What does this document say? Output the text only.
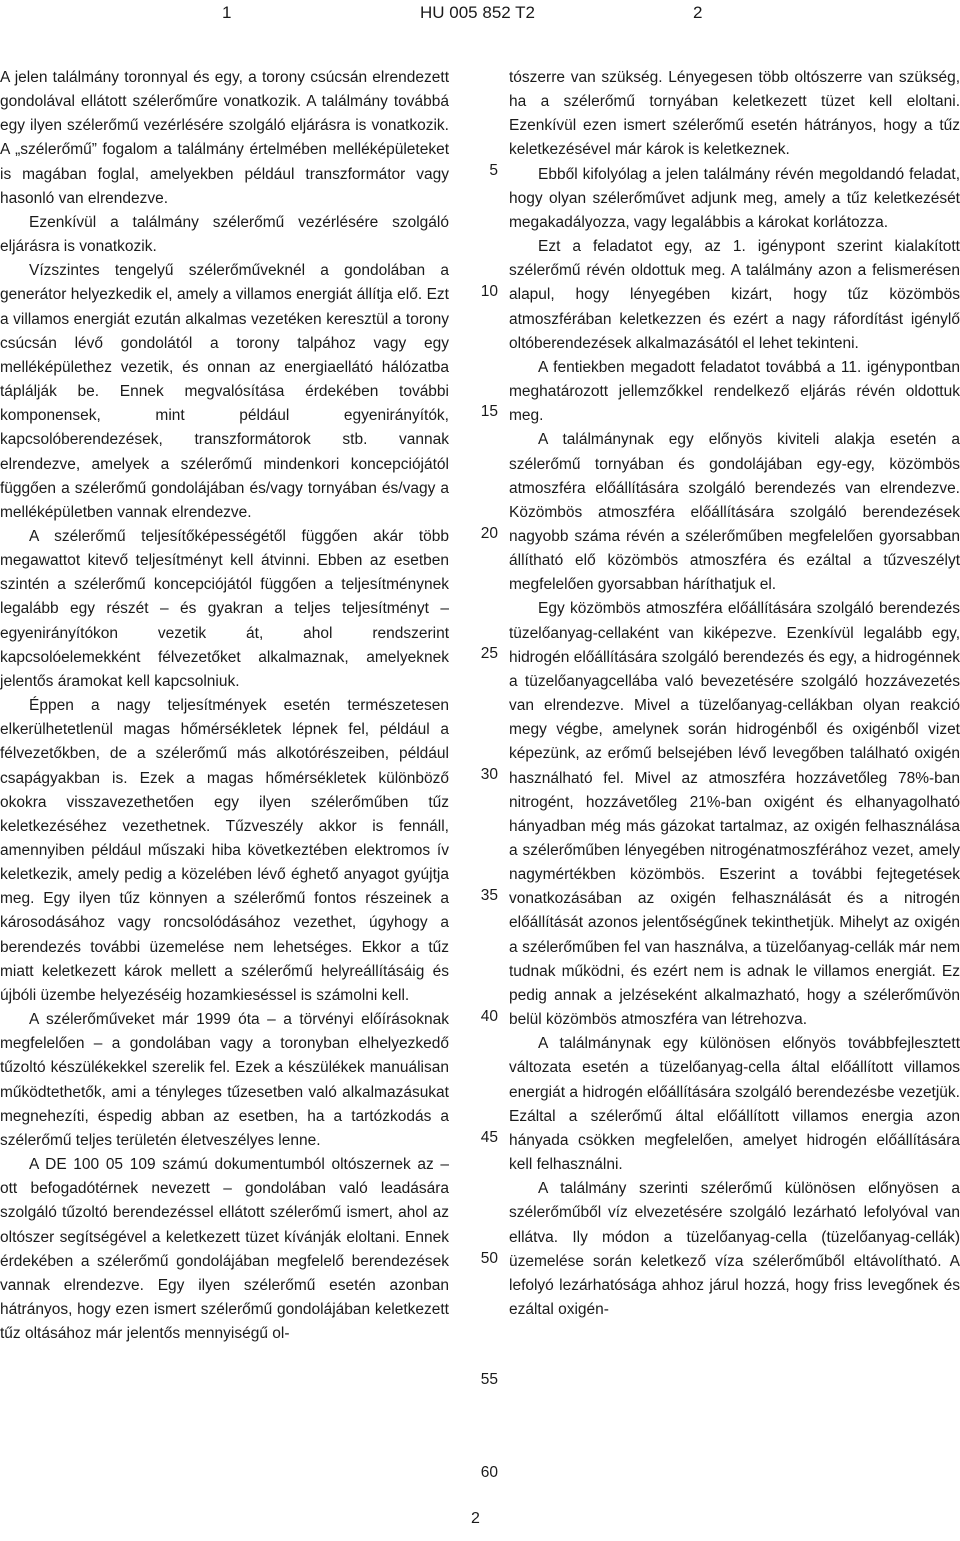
1	HU 005 852 T2	2

A jelen találmány toronnyal és egy, a torony csúcsán elrendezett gondolával ellátott szélerőműre vonatkozik. A találmány továbbá egy ilyen szélerőmű vezérlésére szolgáló eljárásra is vonatkozik. A „szélerőmű” fogalom a találmány értelmében melléképületeket is magában foglal, amelyekben például transzformátor vagy hasonló van elrendezve.

Ezenkívül a találmány szélerőmű vezérlésére szolgáló eljárásra is vonatkozik.

Vízszintes tengelyű szélerőműveknél a gondolában a generátor helyezkedik el, amely a villamos energiát állítja elő. Ezt a villamos energiát ezután alkalmas vezetéken keresztül a torony csúcsán lévő gondolától a torony talpához vagy egy melléképülethez vezetik, és onnan az energiaellátó hálózatba táplálják be. Ennek megvalósítása érdekében további komponensek, mint például egyenirányítók, kapcsolóberendezések, transzformátorok stb. vannak elrendezve, amelyek a szélerőmű mindenkori koncepciójától függően a szélerőmű gondolájában és/vagy tornyában és/vagy a melléképületben vannak elrendezve.

A szélerőmű teljesítőképességétől függően akár több megawattot kitevő teljesítményt kell átvinni. Ebben az esetben szintén a szélerőmű koncepciójától függően a teljesítménynek legalább egy részét – és gyakran a teljes teljesítményt – egyenirányítókon vezetik át, ahol rendszerint kapcsolóelemekként félvezetőket alkalmaznak, amelyeknek jelentős áramokat kell kapcsolniuk.

Éppen a nagy teljesítmények esetén természetesen elkerülhetetlenül magas hőmérsékletek lépnek fel, például a félvezetőkben, de a szélerőmű más alkotórészeiben, például csapágyakban is. Ezek a magas hőmérsékletek különböző okokra visszavezethetően egy ilyen szélerőműben tűz keletkezéséhez vezethetnek. Tűzveszély akkor is fennáll, amennyiben például műszaki hiba következtében elektromos ív keletkezik, amely pedig a közelében lévő éghető anyagot gyújtja meg. Egy ilyen tűz könnyen a szélerőmű fontos részeinek a károsodásához vagy roncsolódásához vezethet, úgyhogy a berendezés további üzemelése nem lehetséges. Ekkor a tűz miatt keletkezett károk mellett a szélerőmű helyreállításáig és újbóli üzembe helyezéséig hozamkieséssel is számolni kell.

A szélerőműveket már 1999 óta – a törvényi előírásoknak megfelelően – a gondolában vagy a toronyban elhelyezkedő tűzoltó készülékekkel szerelik fel. Ezek a készülékek manuálisan működtethetők, ami a tényleges tűzesetben való alkalmazásukat megnehezíti, éspedig abban az esetben, ha a tartózkodás a szélerőmű teljes területén életveszélyes lenne.

A DE 100 05 109 számú dokumentumból oltószernek az – ott befogadótérnek nevezett – gondolában való leadására szolgáló tűzoltó berendezéssel ellátott szélerőmű ismert, ahol az oltószer segítségével a keletkezett tüzet kívánják eloltani. Ennek érdekében a szélerőmű gondolájában megfelelő berendezések vannak elrendezve. Egy ilyen szélerőmű esetén azonban hátrányos, hogy ezen ismert szélerőmű gondolájában keletkezett tűz oltásához már jelentős mennyiségű ol-

5
10
15
20
25
30
35
40
45
50
55
60

tószerre van szükség. Lényegesen több oltószerre van szükség, ha a szélerőmű tornyában keletkezett tüzet kell eloltani. Ezenkívül ezen ismert szélerőmű esetén hátrányos, hogy a tűz keletkezésével már károk is keletkeznek.

Ebből kifolyólag a jelen találmány révén megoldandó feladat, hogy olyan szélerőművet adjunk meg, amely a tűz keletkezését megakadályozza, vagy legalábbis a károkat korlátozza.

Ezt a feladatot egy, az 1. igénypont szerint kialakított szélerőmű révén oldottuk meg. A találmány azon a felismerésen alapul, hogy lényegében kizárt, hogy tűz közömbös atmoszférában keletkezzen és ezért a nagy ráfordítást igénylő oltóberendezések alkalmazásától el lehet tekinteni.

A fentiekben megadott feladatot továbbá a 11. igénypontban meghatározott jellemzőkkel rendelkező eljárás révén oldottuk meg.

A találmánynak egy előnyös kiviteli alakja esetén a szélerőmű tornyában és gondolájában egy-egy, közömbös atmoszféra előállítására szolgáló berendezés van elrendezve. Közömbös atmoszféra előállítására szolgáló berendezések nagyobb száma révén a szélerőműben megfelelően gyorsabban állítható elő közömbös atmoszféra és ezáltal a tűzveszélyt megfelelően gyorsabban háríthatjuk el.

Egy közömbös atmoszféra előállítására szolgáló berendezés tüzelőanyag-cellaként van kiképezve. Ezenkívül legalább egy, hidrogén előállítására szolgáló berendezés és egy, a hidrogénnek a tüzelőanyagcellába való bevezetésére szolgáló hozzávezetés van elrendezve. Mivel a tüzelőanyag-cellákban olyan reakció megy végbe, amelynek során hidrogénből és oxigénből vizet képezünk, az erőmű belsejében lévő levegőben található oxigén használható fel. Mivel az atmoszféra hozzávetőleg 78%-ban nitrogént, hozzávetőleg 21%-ban oxigént és elhanyagolható hányadban még más gázokat tartalmaz, az oxigén felhasználása a szélerőműben lényegében nitrogénatmoszférához vezet, amely nagymértékben közömbös. Eszerint a további fejtegetések vonatkozásában az oxigén felhasználását és a nitrogén előállítását azonos jelentőségűnek tekinthetjük. Mihelyt az oxigén a szélerőműben fel van használva, a tüzelőanyag-cellák már nem tudnak működni, és ezért nem is adnak le villamos energiát. Ez pedig annak a jelzéseként alkalmazható, hogy a szélerőművön belül közömbös atmoszféra van létrehozva.

A találmánynak egy különösen előnyös továbbfejlesztett változata esetén a tüzelőanyag-cella által előállított villamos energiát a hidrogén előállítására szolgáló berendezésbe vezetjük. Ezáltal a szélerőmű által előállított villamos energia azon hányada csökken megfelelően, amelyet hidrogén előállítására kell felhasználni.

A találmány szerinti szélerőmű különösen előnyösen a szélerőműből víz elvezetésére szolgáló lezárható lefolyóval van ellátva. Ily módon a tüzelőanyag-cella (tüzelőanyag-cellák) üzemelése során keletkező víza szélerőműből eltávolítható. A lefolyó lezárhatósága ahhoz járul hozzá, hogy friss levegőnek és ezáltal oxigén-

2
